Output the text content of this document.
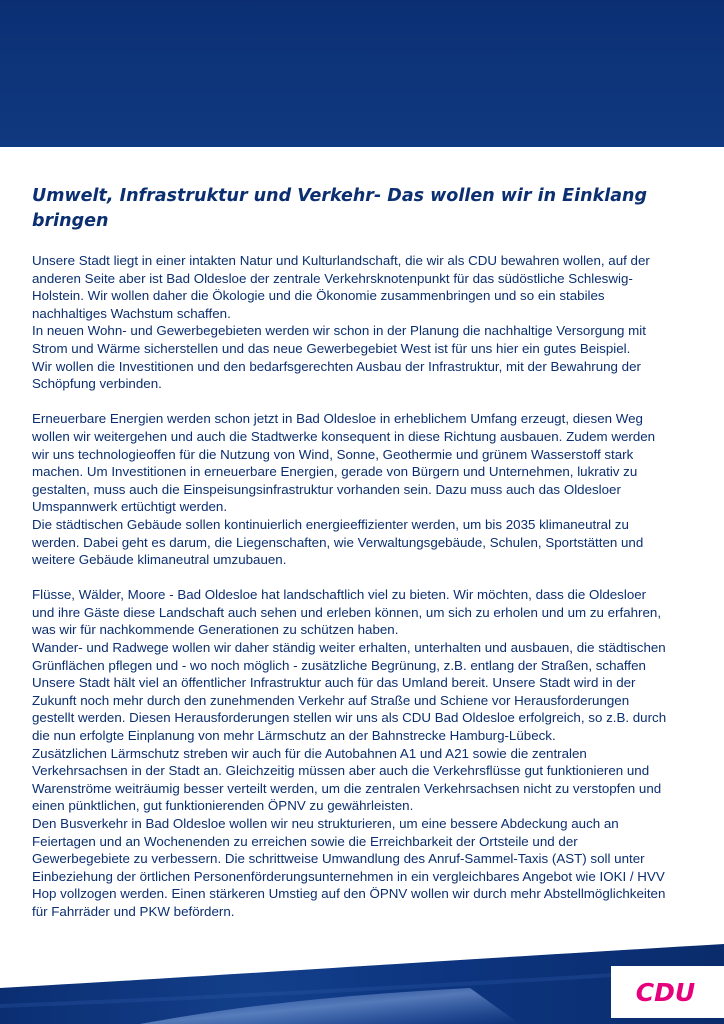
Umwelt, Infrastruktur und Verkehr- Das wollen wir in Einklang bringen

Unsere Stadt liegt in einer intakten Natur und Kulturlandschaft, die wir als CDU bewahren wollen, auf der anderen Seite aber ist Bad Oldesloe der zentrale Verkehrsknotenpunkt für das südöstliche Schleswig-Holstein. Wir wollen daher die Ökologie und die Ökonomie zusammenbringen und so ein stabiles nachhaltiges Wachstum schaffen.

In neuen Wohn- und Gewerbegebieten werden wir schon in der Planung die nachhaltige Versorgung mit Strom und Wärme sicherstellen und das neue Gewerbegebiet West ist für uns hier ein gutes Beispiel.

Wir wollen die Investitionen und den bedarfsgerechten Ausbau der Infrastruktur, mit der Bewahrung der Schöpfung verbinden.

Erneuerbare Energien werden schon jetzt in Bad Oldesloe in erheblichem Umfang erzeugt, diesen Weg wollen wir weitergehen und auch die Stadtwerke konsequent in diese Richtung ausbauen. Zudem werden wir uns technologieoffen für die Nutzung von Wind, Sonne, Geothermie und grünem Wasserstoff stark machen. Um Investitionen in erneuerbare Energien, gerade von Bürgern und Unternehmen, lukrativ zu gestalten, muss auch die Einspeisungsinfrastruktur vorhanden sein. Dazu muss auch das Oldesloer Umspannwerk ertüchtigt werden.

Die städtischen Gebäude sollen kontinuierlich energieeffizienter werden, um bis 2035 klimaneutral zu werden. Dabei geht es darum, die Liegenschaften, wie Verwaltungsgebäude, Schulen, Sportstätten und weitere Gebäude klimaneutral umzubauen.

Flüsse, Wälder, Moore - Bad Oldesloe hat landschaftlich viel zu bieten. Wir möchten, dass die Oldesloer und ihre Gäste diese Landschaft auch sehen und erleben können, um sich zu erholen und um zu erfahren, was wir für nachkommende Generationen zu schützen haben.

Wander- und Radwege wollen wir daher ständig weiter erhalten, unterhalten und ausbauen, die städtischen Grünflächen pflegen und - wo noch möglich - zusätzliche Begrünung, z.B. entlang der Straßen, schaffen

Unsere Stadt hält viel an öffentlicher Infrastruktur auch für das Umland bereit. Unsere Stadt wird in der Zukunft noch mehr durch den zunehmenden Verkehr auf Straße und Schiene vor Herausforderungen gestellt werden. Diesen Herausforderungen stellen wir uns als CDU Bad Oldesloe erfolgreich, so z.B. durch die nun erfolgte Einplanung von mehr Lärmschutz an der Bahnstrecke Hamburg-Lübeck.

Zusätzlichen Lärmschutz streben wir auch für die Autobahnen A1 und A21 sowie die zentralen Verkehrsachsen in der Stadt an. Gleichzeitig müssen aber auch die Verkehrsflüsse gut funktionieren und Warenströme weiträumig besser verteilt werden, um die zentralen Verkehrsachsen nicht zu verstopfen und einen pünktlichen, gut funktionierenden ÖPNV zu gewährleisten.

Den Busverkehr in Bad Oldesloe wollen wir neu strukturieren, um eine bessere Abdeckung auch an Feiertagen und an Wochenenden zu erreichen sowie die Erreichbarkeit der Ortsteile und der Gewerbegebiete zu verbessern. Die schrittweise Umwandlung des Anruf-Sammel-Taxis (AST) soll unter Einbeziehung der örtlichen Personenförderungsunternehmen in ein vergleichbares Angebot wie IOKI / HVV Hop vollzogen werden. Einen stärkeren Umstieg auf den ÖPNV wollen wir durch mehr Abstellmöglichkeiten für Fahrräder und PKW befördern.

CDU
